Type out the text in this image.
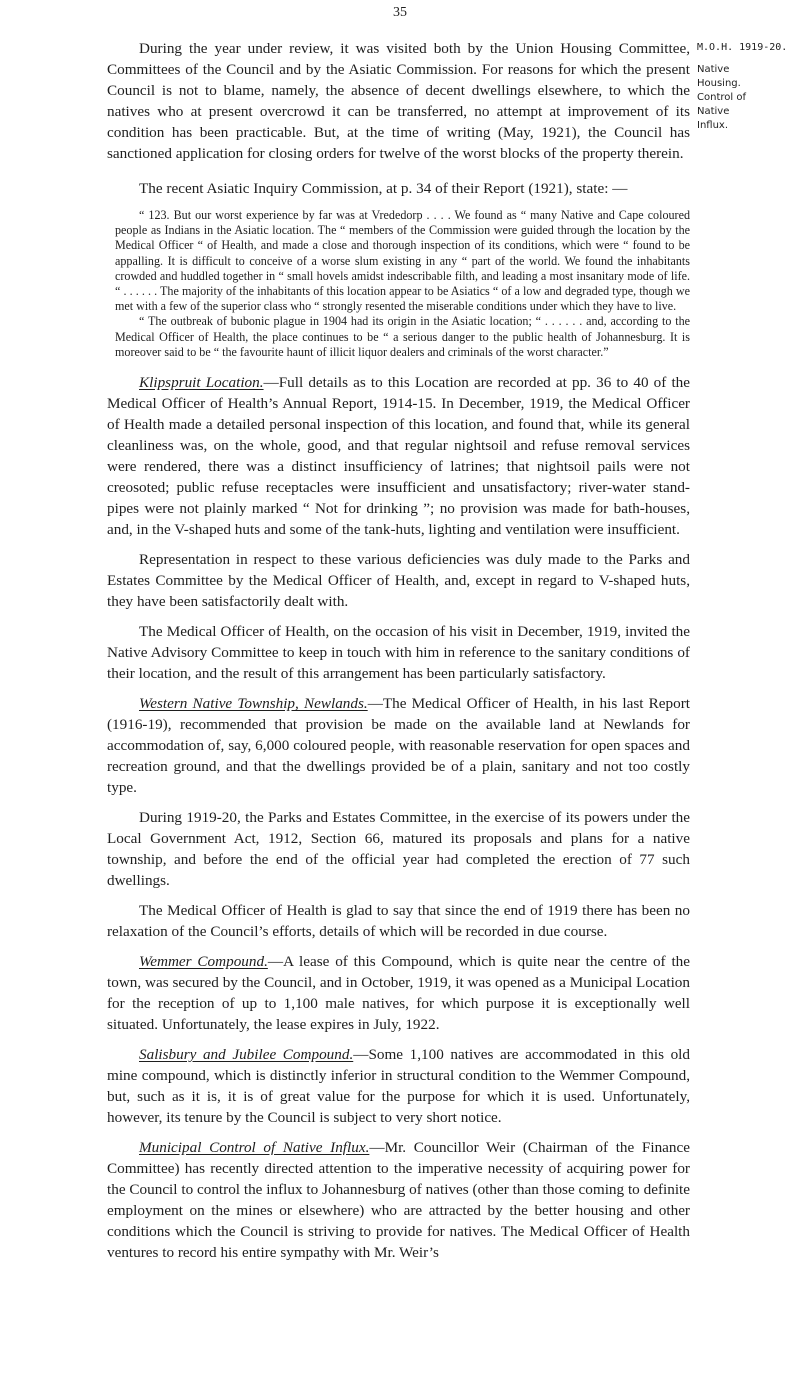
35
M.O.H. 1919-20.
Native
Housing.
Control of
Native
Influx.

During the year under review, it was visited both by the Union Housing Committee, Committees of the Council and by the Asiatic Commission. For reasons for which the present Council is not to blame, namely, the absence of decent dwellings elsewhere, to which the natives who at present overcrowd it can be transferred, no attempt at improvement of its condition has been practicable. But, at the time of writing (May, 1921), the Council has sanctioned application for closing orders for twelve of the worst blocks of the property therein.

The recent Asiatic Inquiry Commission, at p. 34 of their Report (1921), state: —

“ 123. But our worst experience by far was at Vrededorp . . . . We found as “ many Native and Cape coloured people as Indians in the Asiatic location. The “ members of the Commission were guided through the location by the Medical Officer “ of Health, and made a close and thorough inspection of its conditions, which were “ found to be appalling. It is difficult to conceive of a worse slum existing in any “ part of the world. We found the inhabitants crowded and huddled together in “ small hovels amidst indescribable filth, and leading a most insanitary mode of life. “ . . . . . . The majority of the inhabitants of this location appear to be Asiatics “ of a low and degraded type, though we met with a few of the superior class who “ strongly resented the miserable conditions under which they have to live.

“ The outbreak of bubonic plague in 1904 had its origin in the Asiatic location; “ . . . . . . and, according to the Medical Officer of Health, the place continues to be “ a serious danger to the public health of Johannesburg. It is moreover said to be “ the favourite haunt of illicit liquor dealers and criminals of the worst character.”

Klipspruit Location.—Full details as to this Location are recorded at pp. 36 to 40 of the Medical Officer of Health’s Annual Report, 1914-15. In December, 1919, the Medical Officer of Health made a detailed personal inspection of this location, and found that, while its general cleanliness was, on the whole, good, and that regular nightsoil and refuse removal services were rendered, there was a distinct insufficiency of latrines; that nightsoil pails were not creosoted; public refuse receptacles were insufficient and unsatisfactory; river-water stand-pipes were not plainly marked “ Not for drinking ”; no provision was made for bath-houses, and, in the V-shaped huts and some of the tank-huts, lighting and ventilation were insufficient.

Representation in respect to these various deficiencies was duly made to the Parks and Estates Committee by the Medical Officer of Health, and, except in regard to V-shaped huts, they have been satisfactorily dealt with.

The Medical Officer of Health, on the occasion of his visit in December, 1919, invited the Native Advisory Committee to keep in touch with him in reference to the sanitary conditions of their location, and the result of this arrangement has been particularly satisfactory.

Western Native Township, Newlands.—The Medical Officer of Health, in his last Report (1916-19), recommended that provision be made on the available land at Newlands for accommodation of, say, 6,000 coloured people, with reasonable reservation for open spaces and recreation ground, and that the dwellings provided be of a plain, sanitary and not too costly type.

During 1919-20, the Parks and Estates Committee, in the exercise of its powers under the Local Government Act, 1912, Section 66, matured its proposals and plans for a native township, and before the end of the official year had completed the erection of 77 such dwellings.

The Medical Officer of Health is glad to say that since the end of 1919 there has been no relaxation of the Council’s efforts, details of which will be recorded in due course.

Wemmer Compound.—A lease of this Compound, which is quite near the centre of the town, was secured by the Council, and in October, 1919, it was opened as a Municipal Location for the reception of up to 1,100 male natives, for which purpose it is exceptionally well situated. Unfortunately, the lease expires in July, 1922.

Salisbury and Jubilee Compound.—Some 1,100 natives are accommodated in this old mine compound, which is distinctly inferior in structural condition to the Wemmer Compound, but, such as it is, it is of great value for the purpose for which it is used. Unfortunately, however, its tenure by the Council is subject to very short notice.

Municipal Control of Native Influx.—Mr. Councillor Weir (Chairman of the Finance Committee) has recently directed attention to the imperative necessity of acquiring power for the Council to control the influx to Johannesburg of natives (other than those coming to definite employment on the mines or elsewhere) who are attracted by the better housing and other conditions which the Council is striving to provide for natives. The Medical Officer of Health ventures to record his entire sympathy with Mr. Weir’s
